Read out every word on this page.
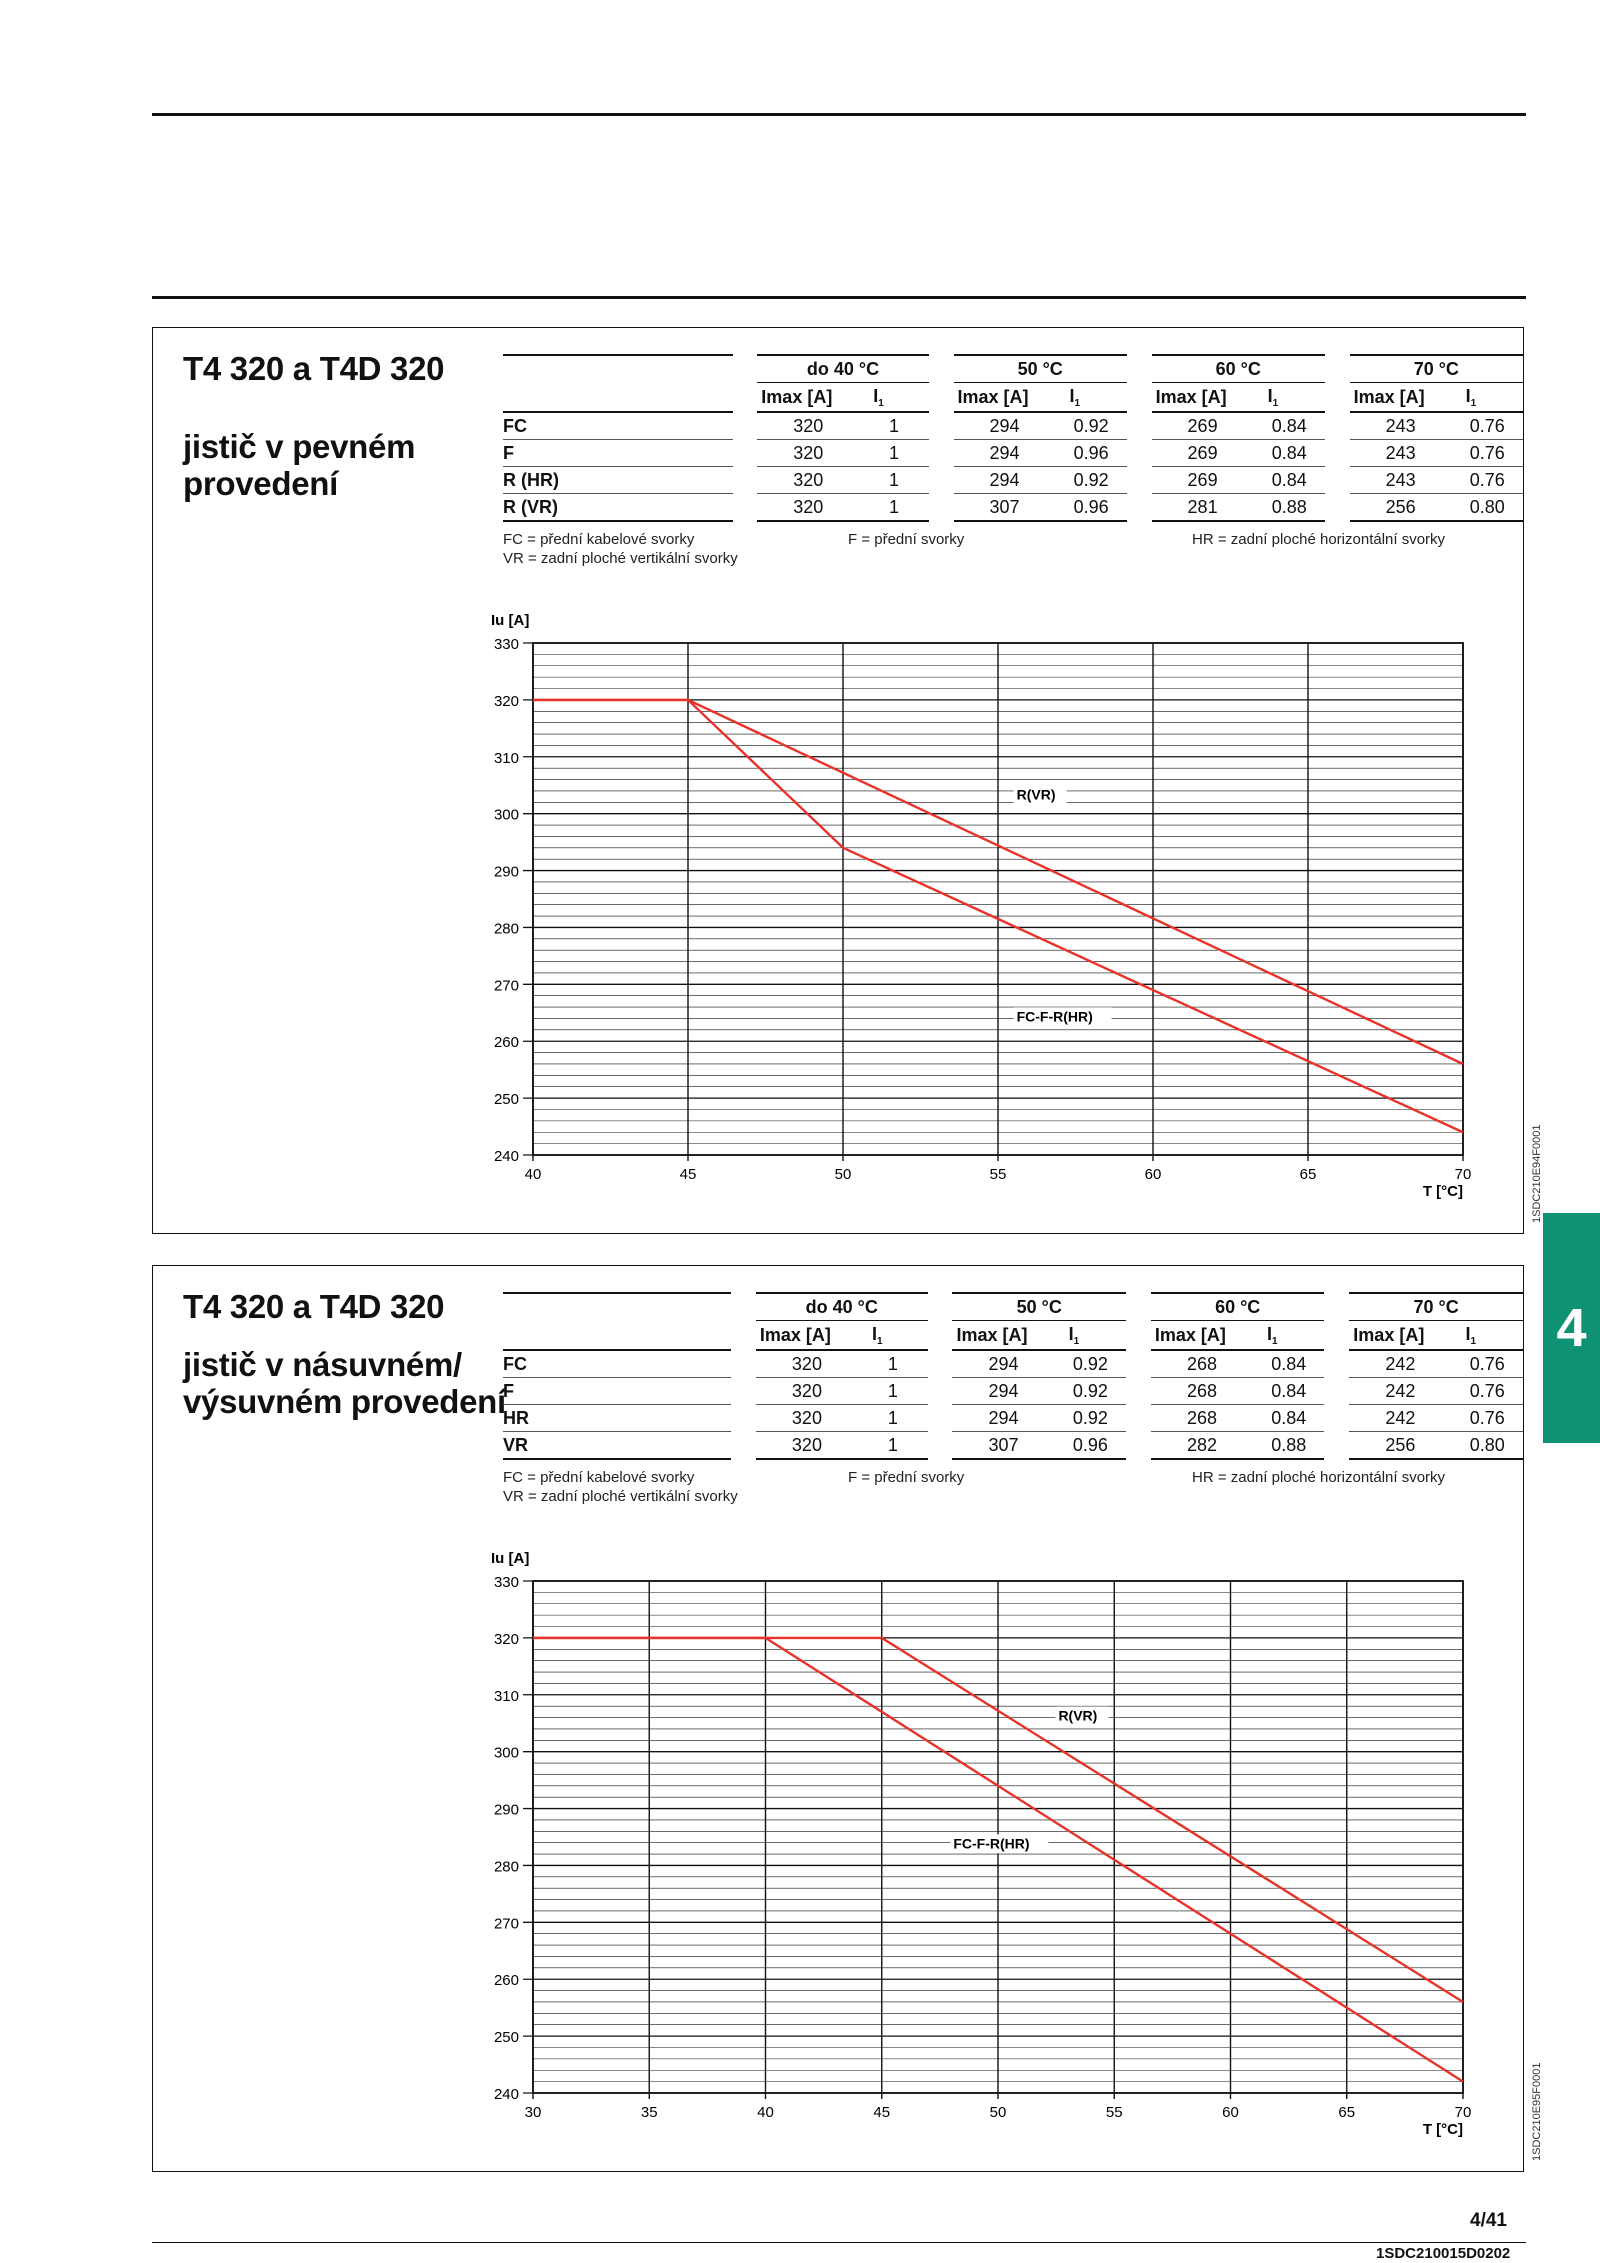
T4 320 a T4D 320
jistič v pevném
provedení
		do 40 °C			50 °C			60 °C			70 °C	
		Imax [A]	$I_1$		Imax [A]	$I_1$		Imax [A]	$I_1$		Imax [A]	$I_1$
FC		320	1		294	0.92		269	0.84		243	0.76
F		320	1		294	0.96		269	0.84		243	0.76
R (HR)		320	1		294	0.92		269	0.84		243	0.76
R (VR)		320	1		307	0.96		281	0.88		256	0.80
FC = přední kabelové svorky
VR = zadní ploché vertikální svorky
F = přední svorky	HR = zadní ploché horizontální svorky
240
250
260
270
280
290
300
310
320
330
40	45	50	55	60	65	70
Iu [A]
T [°C]
R(VR)
FC-F-R(HR)
1SDC210E94F0001
T4 320 a T4D 320
jistič v násuvném/
výsuvném provedení
		do 40 °C			50 °C			60 °C			70 °C	
		Imax [A]	$I_1$		Imax [A]	$I_1$		Imax [A]	$I_1$		Imax [A]	$I_1$
FC		320	1		294	0.92		268	0.84		242	0.76
F		320	1		294	0.92		268	0.84		242	0.76
HR		320	1		294	0.92		268	0.84		242	0.76
VR		320	1		307	0.96		282	0.88		256	0.80
FC = přední kabelové svorky
VR = zadní ploché vertikální svorky
F = přední svorky	HR = zadní ploché horizontální svorky
240
250
260
270
280
290
300
310
320
330
30	35	40	45	50	55	60	65	70
Iu [A]
T [°C]
R(VR)
FC-F-R(HR)
1SDC210E95F0001
4
4/41
1SDC210015D0202
